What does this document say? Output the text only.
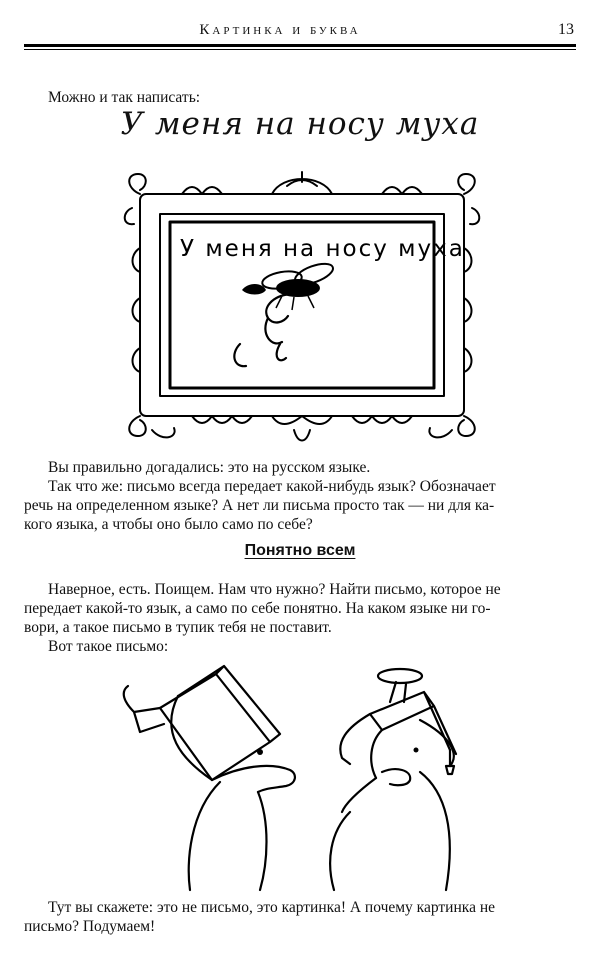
Картинка и буква	13
Можно и так написать:
У меня на носу муха
У меня на носу муха
Вы правильно догадались: это на русском языке.
Так что же: письмо всегда передает какой-нибудь язык? Обозначает
речь на определенном языке? А нет ли письма просто так — ни для ка-
кого языка, а чтобы оно было само по себе?
Понятно всем
Наверное, есть. Поищем. Нам что нужно? Найти письмо, которое не
передает какой-то язык, а само по себе понятно. На каком языке ни го-
вори, а такое письмо в тупик тебя не поставит.
Вот такое письмо:
Тут вы скажете: это не письмо, это картинка! А почему картинка не
письмо? Подумаем!
